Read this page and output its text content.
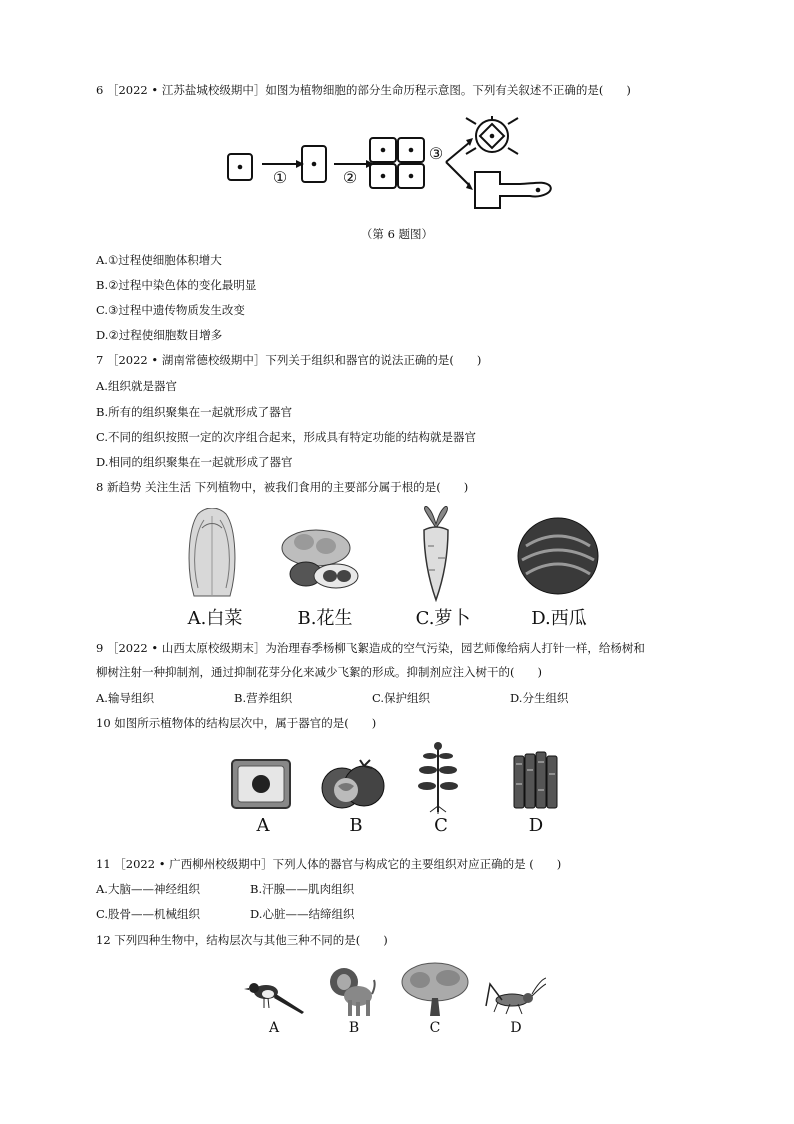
6 ［2022 • 江苏盐城校级期中］如图为植物细胞的部分生命历程示意图。下列有关叙述不正确的是(　　)
①	②
③
（第 6 题图）
A.①过程使细胞体积增大
B.②过程中染色体的变化最明显
C.③过程中遗传物质发生改变
D.②过程使细胞数目增多
7 ［2022 • 湖南常德校级期中］下列关于组织和器官的说法正确的是(　　)
A.组织就是器官
B.所有的组织聚集在一起就形成了器官
C.不同的组织按照一定的次序组合起来，形成具有特定功能的结构就是器官
D.相同的组织聚集在一起就形成了器官
8 新趋势 关注生活 下列植物中，被我们食用的主要部分属于根的是(　　)
A.白菜	B.花生	C.萝卜	D.西瓜
9 ［2022 • 山西太原校级期末］为治理春季杨柳飞絮造成的空气污染，园艺师像给病人打针一样，给杨树和
柳树注射一种抑制剂，通过抑制花芽分化来减少飞絮的形成。抑制剂应注入树干的(　　)
A.输导组织	B.营养组织	C.保护组织	D.分生组织
10 如图所示植物体的结构层次中，属于器官的是(　　)
A	B	C	D
11 ［2022 • 广西柳州校级期中］下列人体的器官与构成它的主要组织对应正确的是 (　　)
A.大脑——神经组织	B.汗腺——肌肉组织
C.股骨——机械组织	D.心脏——结缔组织
12 下列四种生物中，结构层次与其他三种不同的是(　　)
A	B	C	D
